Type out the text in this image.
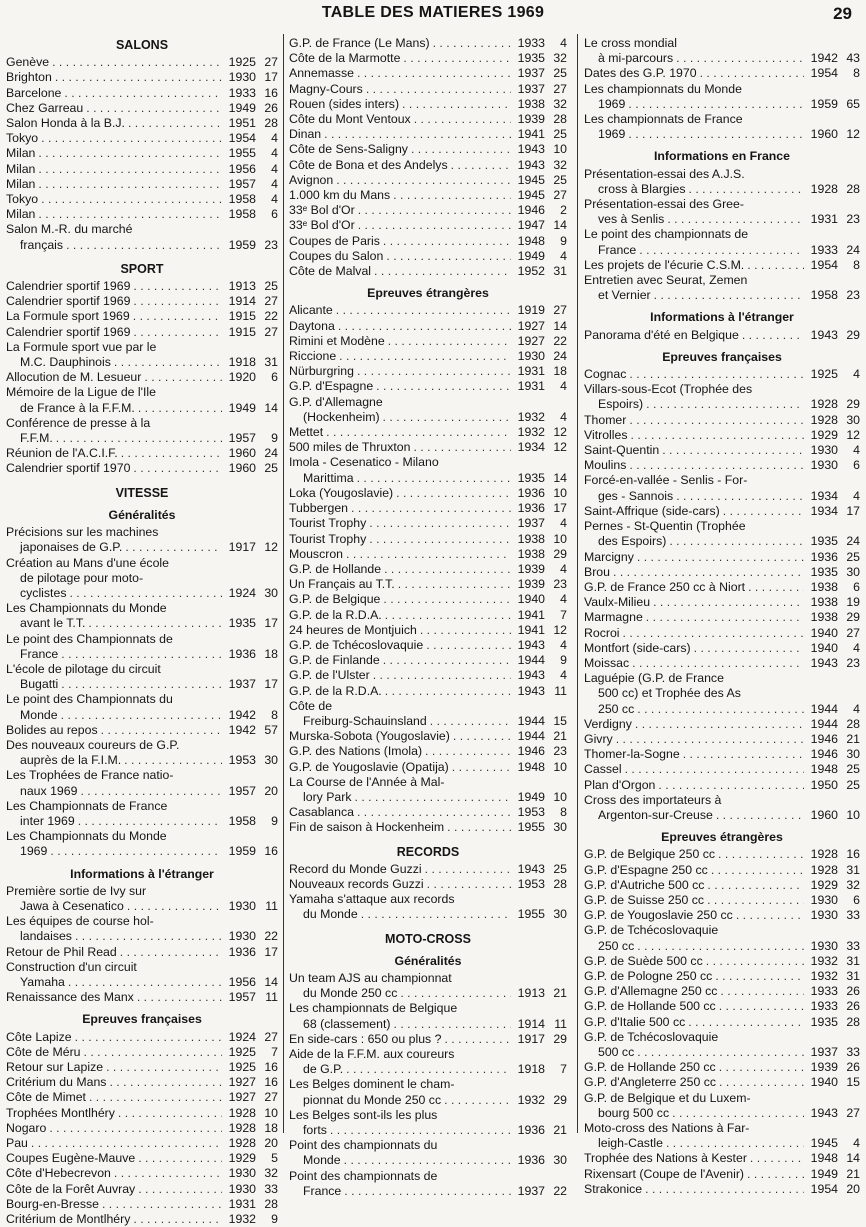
TABLE DES MATIERES 1969	29
SALONS
Genève . . .	1925 27
Brighton . . .	1930 17
Barcelone . . .	1933 16
Chez Garreau . . .	1949 26
Salon Honda à la B.J. . . .	1951 28
Tokyo . . .	1954	4
Milan . . .	1955	4
Milan . . .	1956	4
Milan . . .	1957	4
Tokyo . . .	1958	4
Milan . . .	1958	6
Salon M.-R. du marché
français . . .	1959 23
SPORT
Calendrier sportif 1969 . . .	1913 25
Calendrier sportif 1969 . . .	1914 27
La Formule sport 1969 . . .	1915 22
Calendrier sportif 1969 . . .	1915 27
La Formule sport vue par le
M.C. Dauphinois . . .	1918 31
Allocution de M. Lesueur . . .	1920	6
Mémoire de la Ligue de l'Ile
de France à la F.F.M. . . .	1949 14
Conférence de presse à la
F.F.M. . . .	1957	9
Réunion de l'A.C.I.F. . . .	1960 24
Calendrier sportif 1970 . . .	1960 25
VITESSE
Généralités
Précisions sur les machines
japonaises de G.P. . . .	1917 12
Création au Mans d'une école
de pilotage pour moto-
cyclistes . . .	1924 30
Les Championnats du Monde
avant le T.T. . . .	1935 17
Le point des Championnats de
France . . .	1936 18
L'école de pilotage du circuit
Bugatti . . .	1937 17
Le point des Championnats du
Monde . . .	1942	8
Bolides au repos . . .	1942 57
Des nouveaux coureurs de G.P.
auprès de la F.I.M. . . .	1953 30
Les Trophées de France natio-
naux 1969 . . .	1957 20
Les Championnats de France
inter 1969 . . .	1958	9
Les Championnats du Monde
1969 . . .	1959 16
Informations à l'étranger
Première sortie de Ivy sur
Jawa à Cesenatico . . .	1930 11
Les équipes de course hol-
landaises . . .	1930 22
Retour de Phil Read . . .	1936 17
Construction d'un circuit
Yamaha . . .	1956 14
Renaissance des Manx . . .	1957 11
Epreuves françaises
Côte Lapize . . .	1924 27
Côte de Méru . . .	1925	7
Retour sur Lapize . . .	1925 16
Critérium du Mans . . .	1927 16
Côte de Mimet . . .	1927 27
Trophées Montlhéry . . .	1928 10
Nogaro . . .	1928 18
Pau . . .	1928 20
Coupes Eugène-Mauve . . .	1929	5
Côte d'Hebecrevon . . .	1930 32
Côte de la Forêt Auvray . . .	1930 33
Bourg-en-Bresse . . .	1931 28
Critérium de Montlhéry . . .	1932	9
G.P. de France (Le Mans) . . .	1933	4
Côte de la Marmotte . . .	1935 32
Annemasse . . .	1937 25
Magny-Cours . . .	1937 27
Rouen (sides inters) . . .	1938 32
Côte du Mont Ventoux . . .	1939 28
Dinan . . .	1941 25
Côte de Sens-Saligny . . .	1943 10
Côte de Bona et des Andelys . . .	1943 32
Avignon . . .	1945 25
1.000 km du Mans . . .	1945 27
33ᵉ Bol d'Or . . .	1946	2
33ᵉ Bol d'Or . . .	1947 14
Coupes de Paris . . .	1948	9
Coupes du Salon . . .	1949	4
Côte de Malval . . .	1952 31
Epreuves étrangères
Alicante . . .	1919 27
Daytona . . .	1927 14
Rimini et Modène . . .	1927 22
Riccione . . .	1930 24
Nürburgring . . .	1931 18
G.P. d'Espagne . . .	1931	4
G.P. d'Allemagne
(Hockenheim) . . .	1932	4
Mettet . . .	1932 12
500 miles de Thruxton . . .	1934 12
Imola - Cesenatico - Milano
Marittima . . .	1935 14
Loka (Yougoslavie) . . .	1936 10
Tubbergen . . .	1936 17
Tourist Trophy . . .	1937	4
Tourist Trophy . . .	1938 10
Mouscron . . .	1938 29
G.P. de Hollande . . .	1939	4
Un Français au T.T. . . .	1939 23
G.P. de Belgique . . .	1940	4
G.P. de la R.D.A. . . .	1941	7
24 heures de Montjuich . . .	1941 12
G.P. de Tchécoslovaquie . . .	1943	4
G.P. de Finlande . . .	1944	9
G.P. de l'Ulster . . .	1943	4
G.P. de la R.D.A. . . .	1943 11
Côte de
Freiburg-Schauinsland . . .	1944 15
Murska-Sobota (Yougoslavie) . . .	1944 21
G.P. des Nations (Imola) . . .	1946 23
G.P. de Yougoslavie (Opatija) . . .	1948 10
La Course de l'Année à Mal-
lory Park . . .	1949 10
Casablanca . . .	1953	8
Fin de saison à Hockenheim . . .	1955 30
RECORDS
Record du Monde Guzzi . . .	1943 25
Nouveaux records Guzzi . . .	1953 28
Yamaha s'attaque aux records
du Monde . . .	1955 30
MOTO-CROSS
Généralités
Un team AJS au championnat
du Monde 250 cc . . .	1913 21
Les championnats de Belgique
68 (classement) . . .	1914 11
En side-cars : 650 ou plus ? . . .	1917 29
Aide de la F.F.M. aux coureurs
de G.P. . . .	1918	7
Les Belges dominent le cham-
pionnat du Monde 250 cc . . .	1932 29
Les Belges sont-ils les plus
forts . . .	1936 21
Point des championnats du
Monde . . .	1936 30
Point des championnats de
France . . .	1937 22
Le cross mondial
à mi-parcours . . .	1942 43
Dates des G.P. 1970 . . .	1954	8
Les championnats du Monde
1969 . . .	1959 65
Les championnats de France
1969 . . .	1960 12
Informations en France
Présentation-essai des A.J.S.
cross à Blargies . . .	1928 28
Présentation-essai des Gree-
ves à Senlis . . .	1931 23
Le point des championnats de
France . . .	1933 24
Les projets de l'écurie C.S.M. . . .	1954	8
Entretien avec Seurat, Zemen
et Vernier . . .	1958 23
Informations à l'étranger
Panorama d'été en Belgique . . .	1943 29
Epreuves françaises
Cognac . . .	1925	4
Villars-sous-Ecot (Trophée des
Espoirs) . . .	1928 29
Thomer . . .	1928 30
Vitrolles . . .	1929 12
Saint-Quentin . . .	1930	4
Moulins . . .	1930	6
Forcé-en-vallée - Senlis - For-
ges - Sannois . . .	1934	4
Saint-Affrique (side-cars) . . .	1934 17
Pernes - St-Quentin (Trophée
des Espoirs) . . .	1935 24
Marcigny . . .	1936 25
Brou . . .	1935 30
G.P. de France 250 cc à Niort . . .	1938	6
Vaulx-Milieu . . .	1938 19
Marmagne . . .	1938 29
Rocroi . . .	1940 27
Montfort (side-cars) . . .	1940	4
Moissac . . .	1943 23
Laguépie (G.P. de France
500 cc) et Trophée des As
250 cc . . .	1944	4
Verdigny . . .	1944 28
Givry . . .	1946 21
Thomer-la-Sogne . . .	1946 30
Cassel . . .	1948 25
Plan d'Orgon . . .	1950 25
Cross des importateurs à
Argenton-sur-Creuse . . .	1960 10
Epreuves étrangères
G.P. de Belgique 250 cc . . .	1928 16
G.P. d'Espagne 250 cc . . .	1928 31
G.P. d'Autriche 500 cc . . .	1929 32
G.P. de Suisse 250 cc . . .	1930	6
G.P. de Yougoslavie 250 cc . . .	1930 33
G.P. de Tchécoslovaquie
250 cc . . .	1930 33
G.P. de Suède 500 cc . . .	1932 31
G.P. de Pologne 250 cc . . .	1932 31
G.P. d'Allemagne 250 cc . . .	1933 26
G.P. de Hollande 500 cc . . .	1933 26
G.P. d'Italie 500 cc . . .	1935 28
G.P. de Tchécoslovaquie
500 cc . . .	1937 33
G.P. de Hollande 250 cc . . .	1939 26
G.P. d'Angleterre 250 cc . . .	1940 15
G.P. de Belgique et du Luxem-
bourg 500 cc . . .	1943 27
Moto-cross des Nations à Far-
leigh-Castle . . .	1945	4
Trophée des Nations à Kester . . .	1948 14
Rixensart (Coupe de l'Avenir) . . .	1949 21
Strakonice . . .	1954 20
